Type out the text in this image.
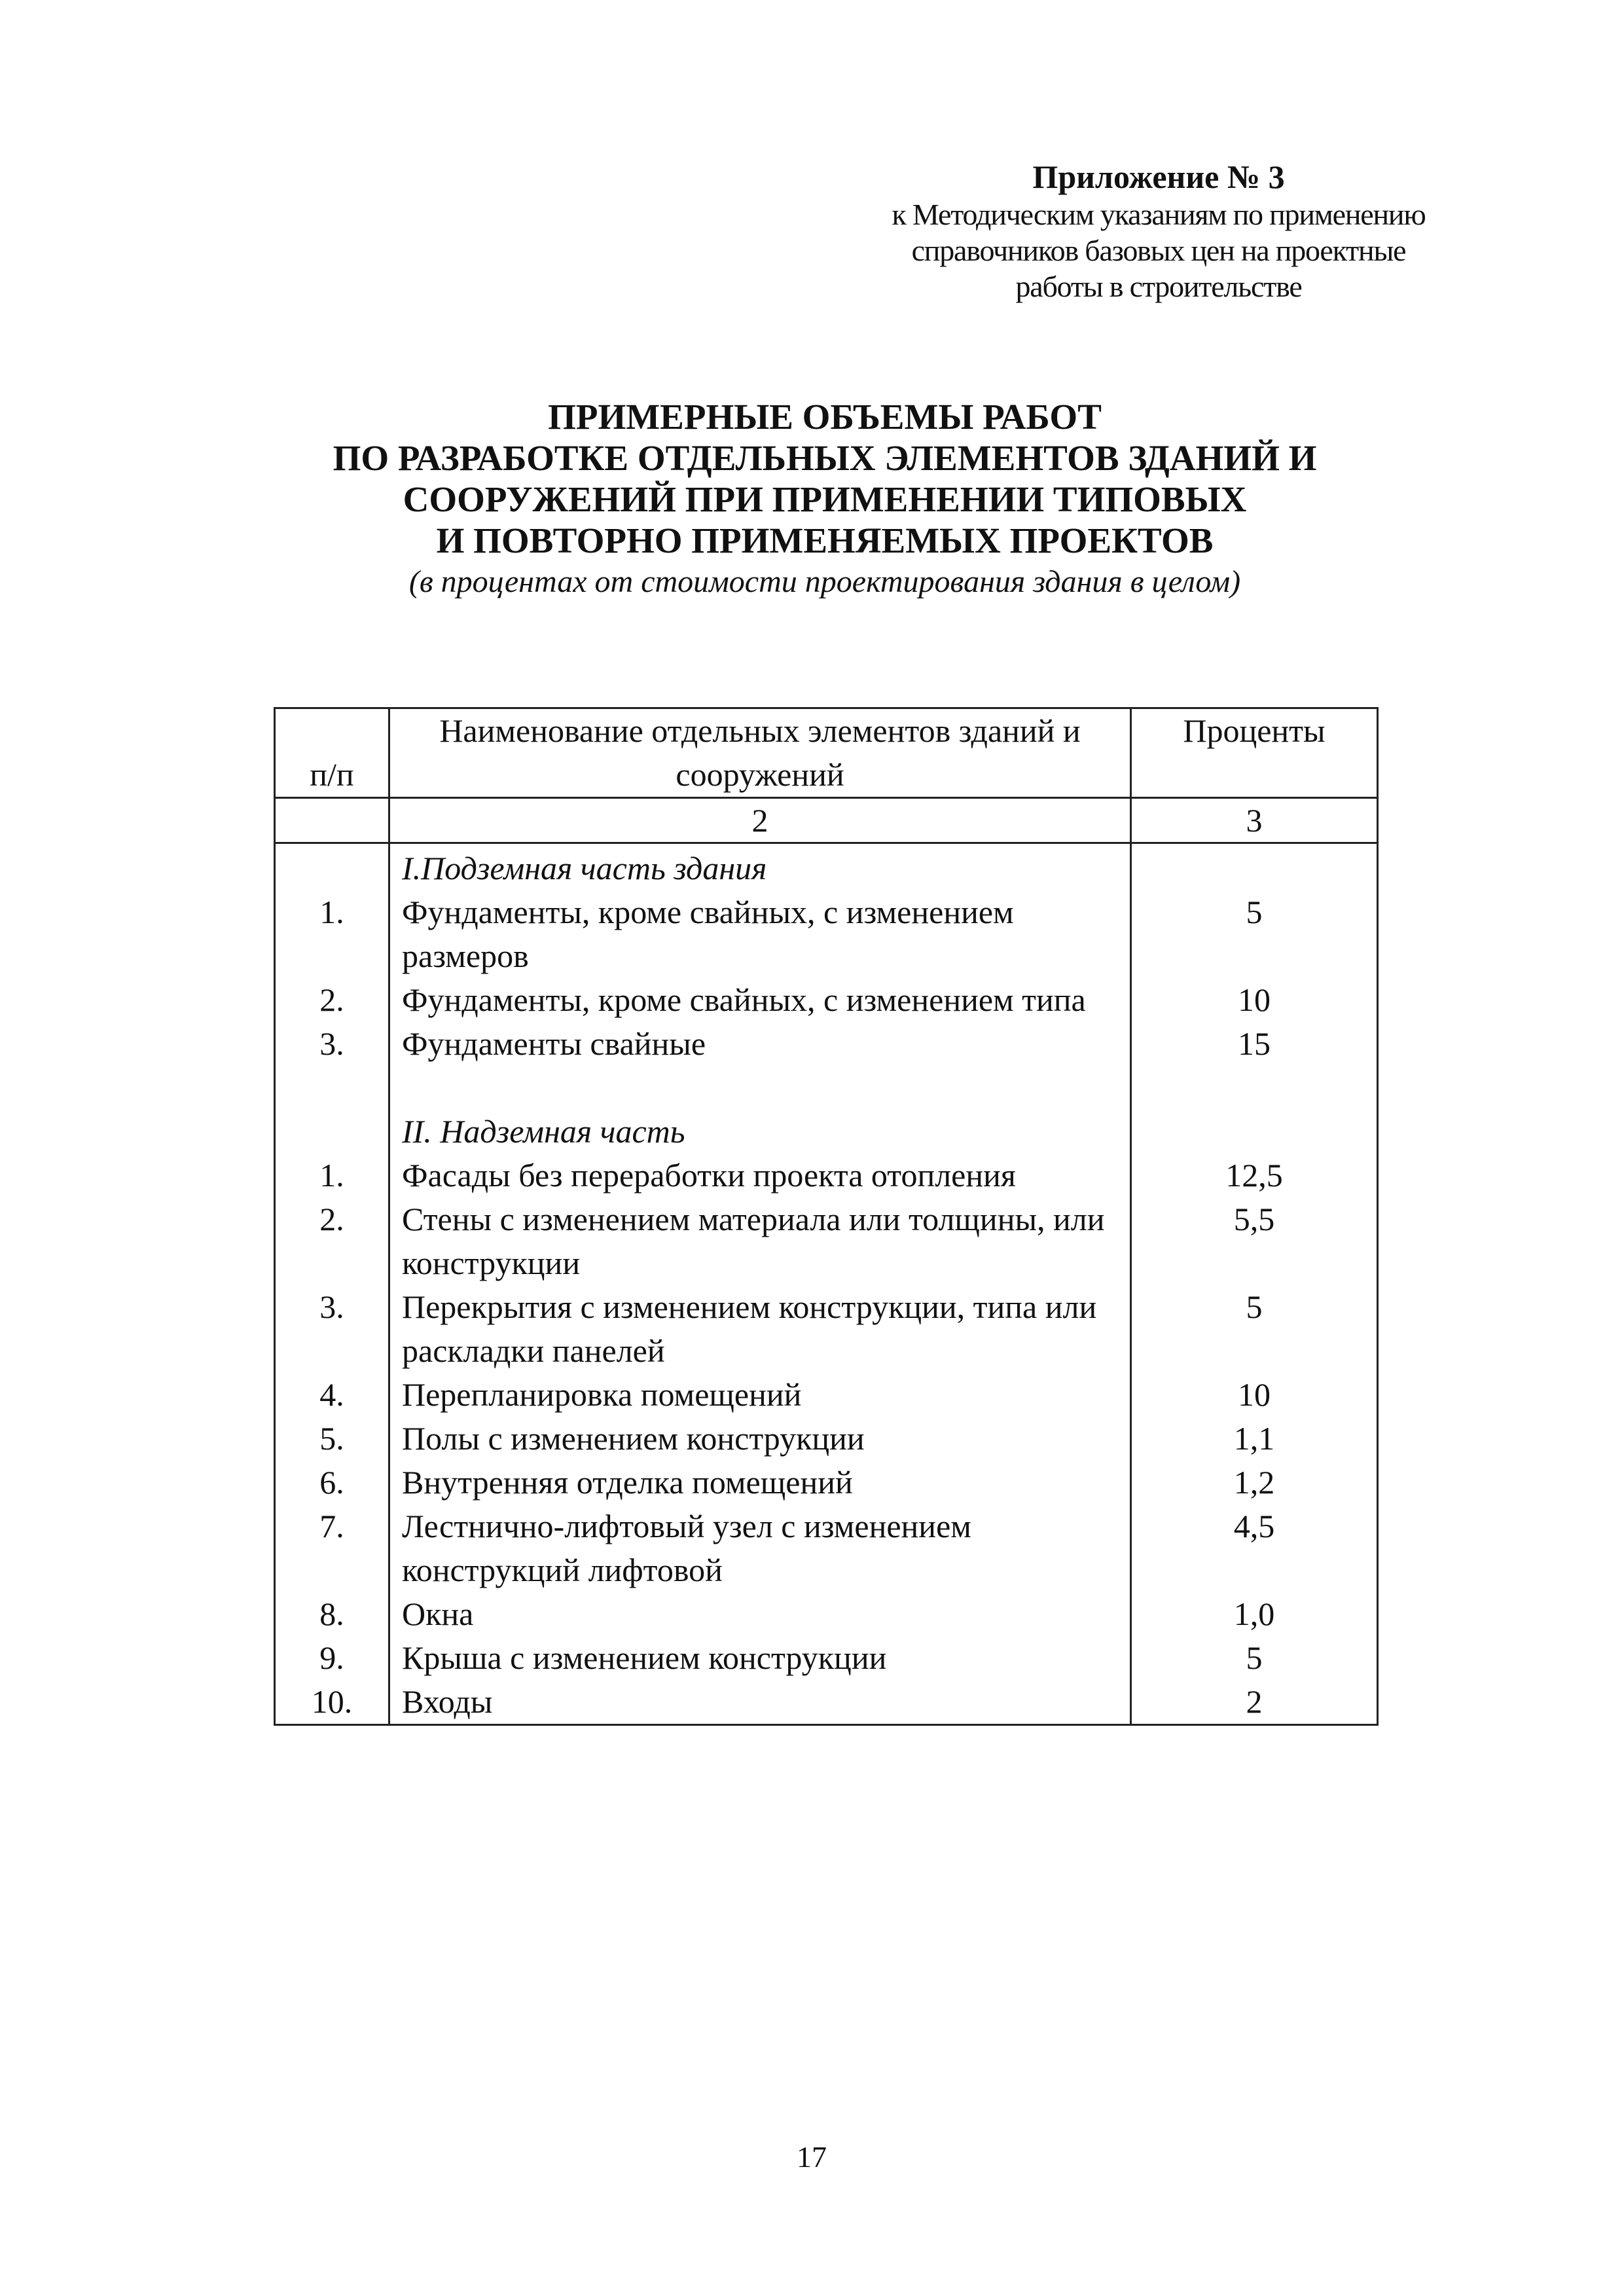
Приложение № 3
к Методическим указаниям по применению
справочников базовых цен на проектные
работы в строительстве
ПРИМЕРНЫЕ ОБЪЕМЫ РАБОТ
ПО РАЗРАБОТКЕ ОТДЕЛЬНЫХ ЭЛЕМЕНТОВ ЗДАНИЙ И
СООРУЖЕНИЙ ПРИ ПРИМЕНЕНИИ ТИПОВЫХ
И ПОВТОРНО ПРИМЕНЯЕМЫХ ПРОЕКТОВ
(в процентах от стоимости проектирования здания в целом)
п/п	Наименование отдельных элементов зданий и сооружений	Проценты
	2	3
	I.Подземная часть здания	
1.	Фундаменты, кроме свайных, с изменением размеров	5
2.	Фундаменты, кроме свайных, с изменением типа	10
3.	Фундаменты свайные	15

	II. Надземная часть	
1.	Фасады без переработки проекта отопления	12,5
2.	Стены с изменением материала или толщины, или конструкции	5,5
3.	Перекрытия с изменением конструкции, типа или раскладки панелей	5
4.	Перепланировка помещений	10
5.	Полы с изменением конструкции	1,1
6.	Внутренняя отделка помещений	1,2
7.	Лестнично-лифтовый узел с изменением конструкций лифтовой	4,5
8.	Окна	1,0
9.	Крыша с изменением конструкции	5
10.	Входы	2
17
